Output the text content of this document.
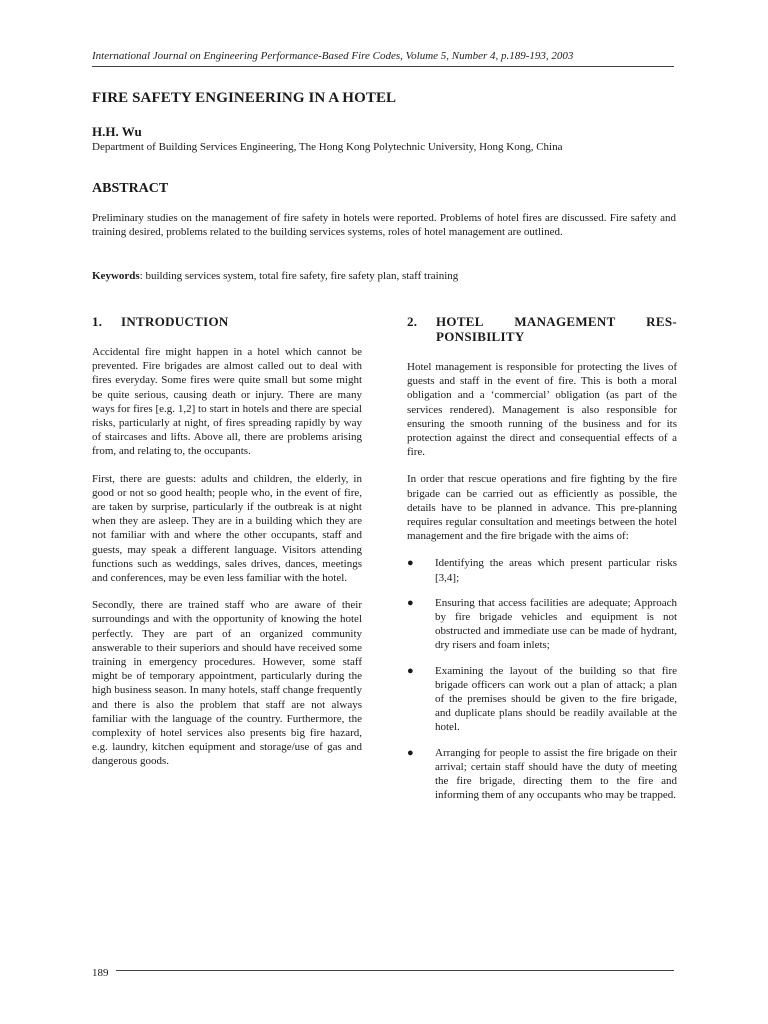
International Journal on Engineering Performance-Based Fire Codes, Volume 5, Number 4, p.189-193, 2003
FIRE SAFETY ENGINEERING IN A HOTEL
H.H. Wu
Department of Building Services Engineering, The Hong Kong Polytechnic University, Hong Kong, China
ABSTRACT

Preliminary studies on the management of fire safety in hotels were reported. Problems of hotel fires are discussed. Fire safety and training desired, problems related to the building services systems, roles of hotel management are outlined.

Keywords: building services system, total fire safety, fire safety plan, staff training

1.	INTRODUCTION

Accidental fire might happen in a hotel which cannot be prevented. Fire brigades are almost called out to deal with fires everyday. Some fires were quite small but some might be quite serious, causing death or injury. There are many ways for fires [e.g. 1,2] to start in hotels and there are special risks, particularly at night, of fires spreading rapidly by way of staircases and lifts. Above all, there are problems arising from, and relating to, the occupants.

First, there are guests: adults and children, the elderly, in good or not so good health; people who, in the event of fire, are taken by surprise, particularly if the outbreak is at night when they are asleep. They are in a building which they are not familiar with and where the other occupants, staff and guests, may speak a different language. Visitors attending functions such as weddings, sales drives, dances, meetings and conferences, may be even less familiar with the hotel.

Secondly, there are trained staff who are aware of their surroundings and with the opportunity of knowing the hotel perfectly. They are part of an organized community answerable to their superiors and should have received some training in emergency procedures. However, some staff might be of temporary appointment, particularly during the high business season. In many hotels, staff change frequently and there is also the problem that staff are not always familiar with the language of the country. Furthermore, the complexity of hotel services also presents big fire hazard, e.g. laundry, kitchen equipment and storage/use of gas and dangerous goods.

2.	HOTEL MANAGEMENT RES-
PONSIBILITY

Hotel management is responsible for protecting the lives of guests and staff in the event of fire. This is both a moral obligation and a ‘commercial’ obligation (as part of the services rendered). Management is also responsible for ensuring the smooth running of the business and for its protection against the direct and consequential effects of a fire.

In order that rescue operations and fire fighting by the fire brigade can be carried out as efficiently as possible, the details have to be planned in advance. This pre-planning requires regular consultation and meetings between the hotel management and the fire brigade with the aims of:

●	Identifying the areas which present particular risks [3,4];
●	Ensuring that access facilities are adequate; Approach by fire brigade vehicles and equipment is not obstructed and immediate use can be made of hydrant, dry risers and foam inlets;
●	Examining the layout of the building so that fire brigade officers can work out a plan of attack; a plan of the premises should be given to the fire brigade, and duplicate plans should be readily available at the hotel.
●	Arranging for people to assist the fire brigade on their arrival; certain staff should have the duty of meeting the fire brigade, directing them to the fire and informing them of any occupants who may be trapped.
189
